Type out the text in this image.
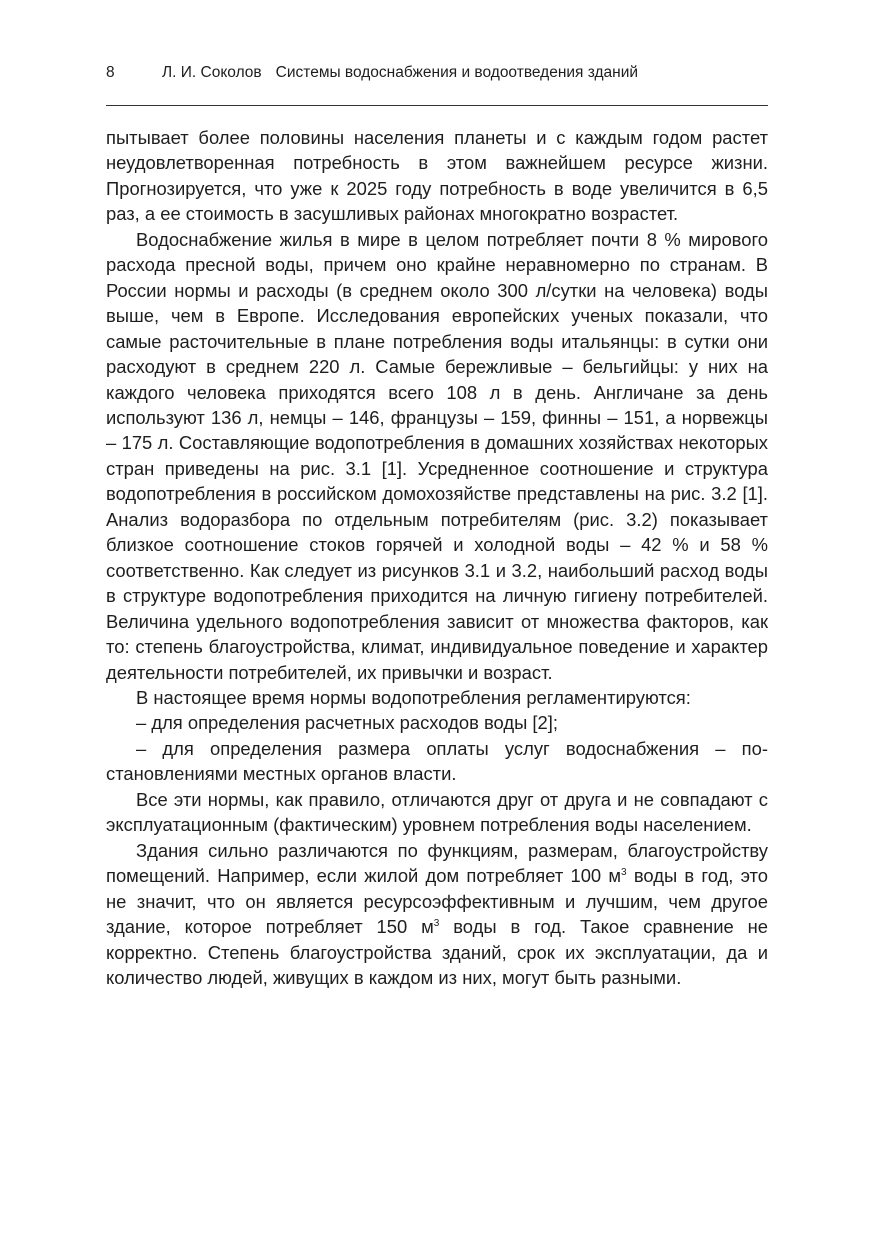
8	Л. И. Соколов Системы водоснабжения и водоотведения зданий

пытывает более половины населения планеты и с каждым годом растет неудовлетворенная потребность в этом важнейшем ресурсе жизни. Прогнозируется, что уже к 2025 году потребность в воде увеличится в 6,5 раз, а ее стоимость в засушливых районах многократно возрастет.

Водоснабжение жилья в мире в целом потребляет почти 8 % мирового расхода пресной воды, причем оно крайне неравномерно по странам. В России нормы и расходы (в среднем около 300 л/сутки на человека) воды выше, чем в Европе. Исследования европейских ученых показали, что самые расточительные в плане потребления воды итальянцы: в сутки они расходуют в среднем 220 л. Самые бережливые – бельгийцы: у них на каждого человека приходятся всего 108 л в день. Англичане за день используют 136 л, немцы – 146, французы – 159, финны – 151, а норвежцы – 175 л. Составляющие водопотребления в домашних хозяйствах некоторых стран приведены на рис. 3.1 [1]. Усредненное соотношение и структура водопотребления в российском домохозяйстве представлены на рис. 3.2 [1]. Анализ водоразбора по отдельным потребителям (рис. 3.2) показывает близкое соотношение стоков горячей и холодной воды – 42 % и 58 % соответственно. Как следует из рисунков 3.1 и 3.2, наибольший расход воды в структуре водопотребления приходится на личную гигиену потребителей. Величина удельного водопотребления зависит от множества факторов, как то: степень благоустройства, климат, индивидуальное поведение и характер деятельности потребителей, их привычки и возраст.

В настоящее время нормы водопотребления регламентируются:

– для определения расчетных расходов воды [2];

– для определения размера оплаты услуг водоснабжения – постановлениями местных органов власти.

Все эти нормы, как правило, отличаются друг от друга и не совпадают с эксплуатационным (фактическим) уровнем потребления воды населением.

Здания сильно различаются по функциям, размерам, благоустройству помещений. Например, если жилой дом потребляет 100 $м^3$ воды в год, это не значит, что он является ресурсоэффективным и лучшим, чем другое здание, которое потребляет 150 $м^3$ воды в год. Такое сравнение не корректно. Степень благоустройства зданий, срок их эксплуатации, да и количество людей, живущих в каждом из них, могут быть разными.
